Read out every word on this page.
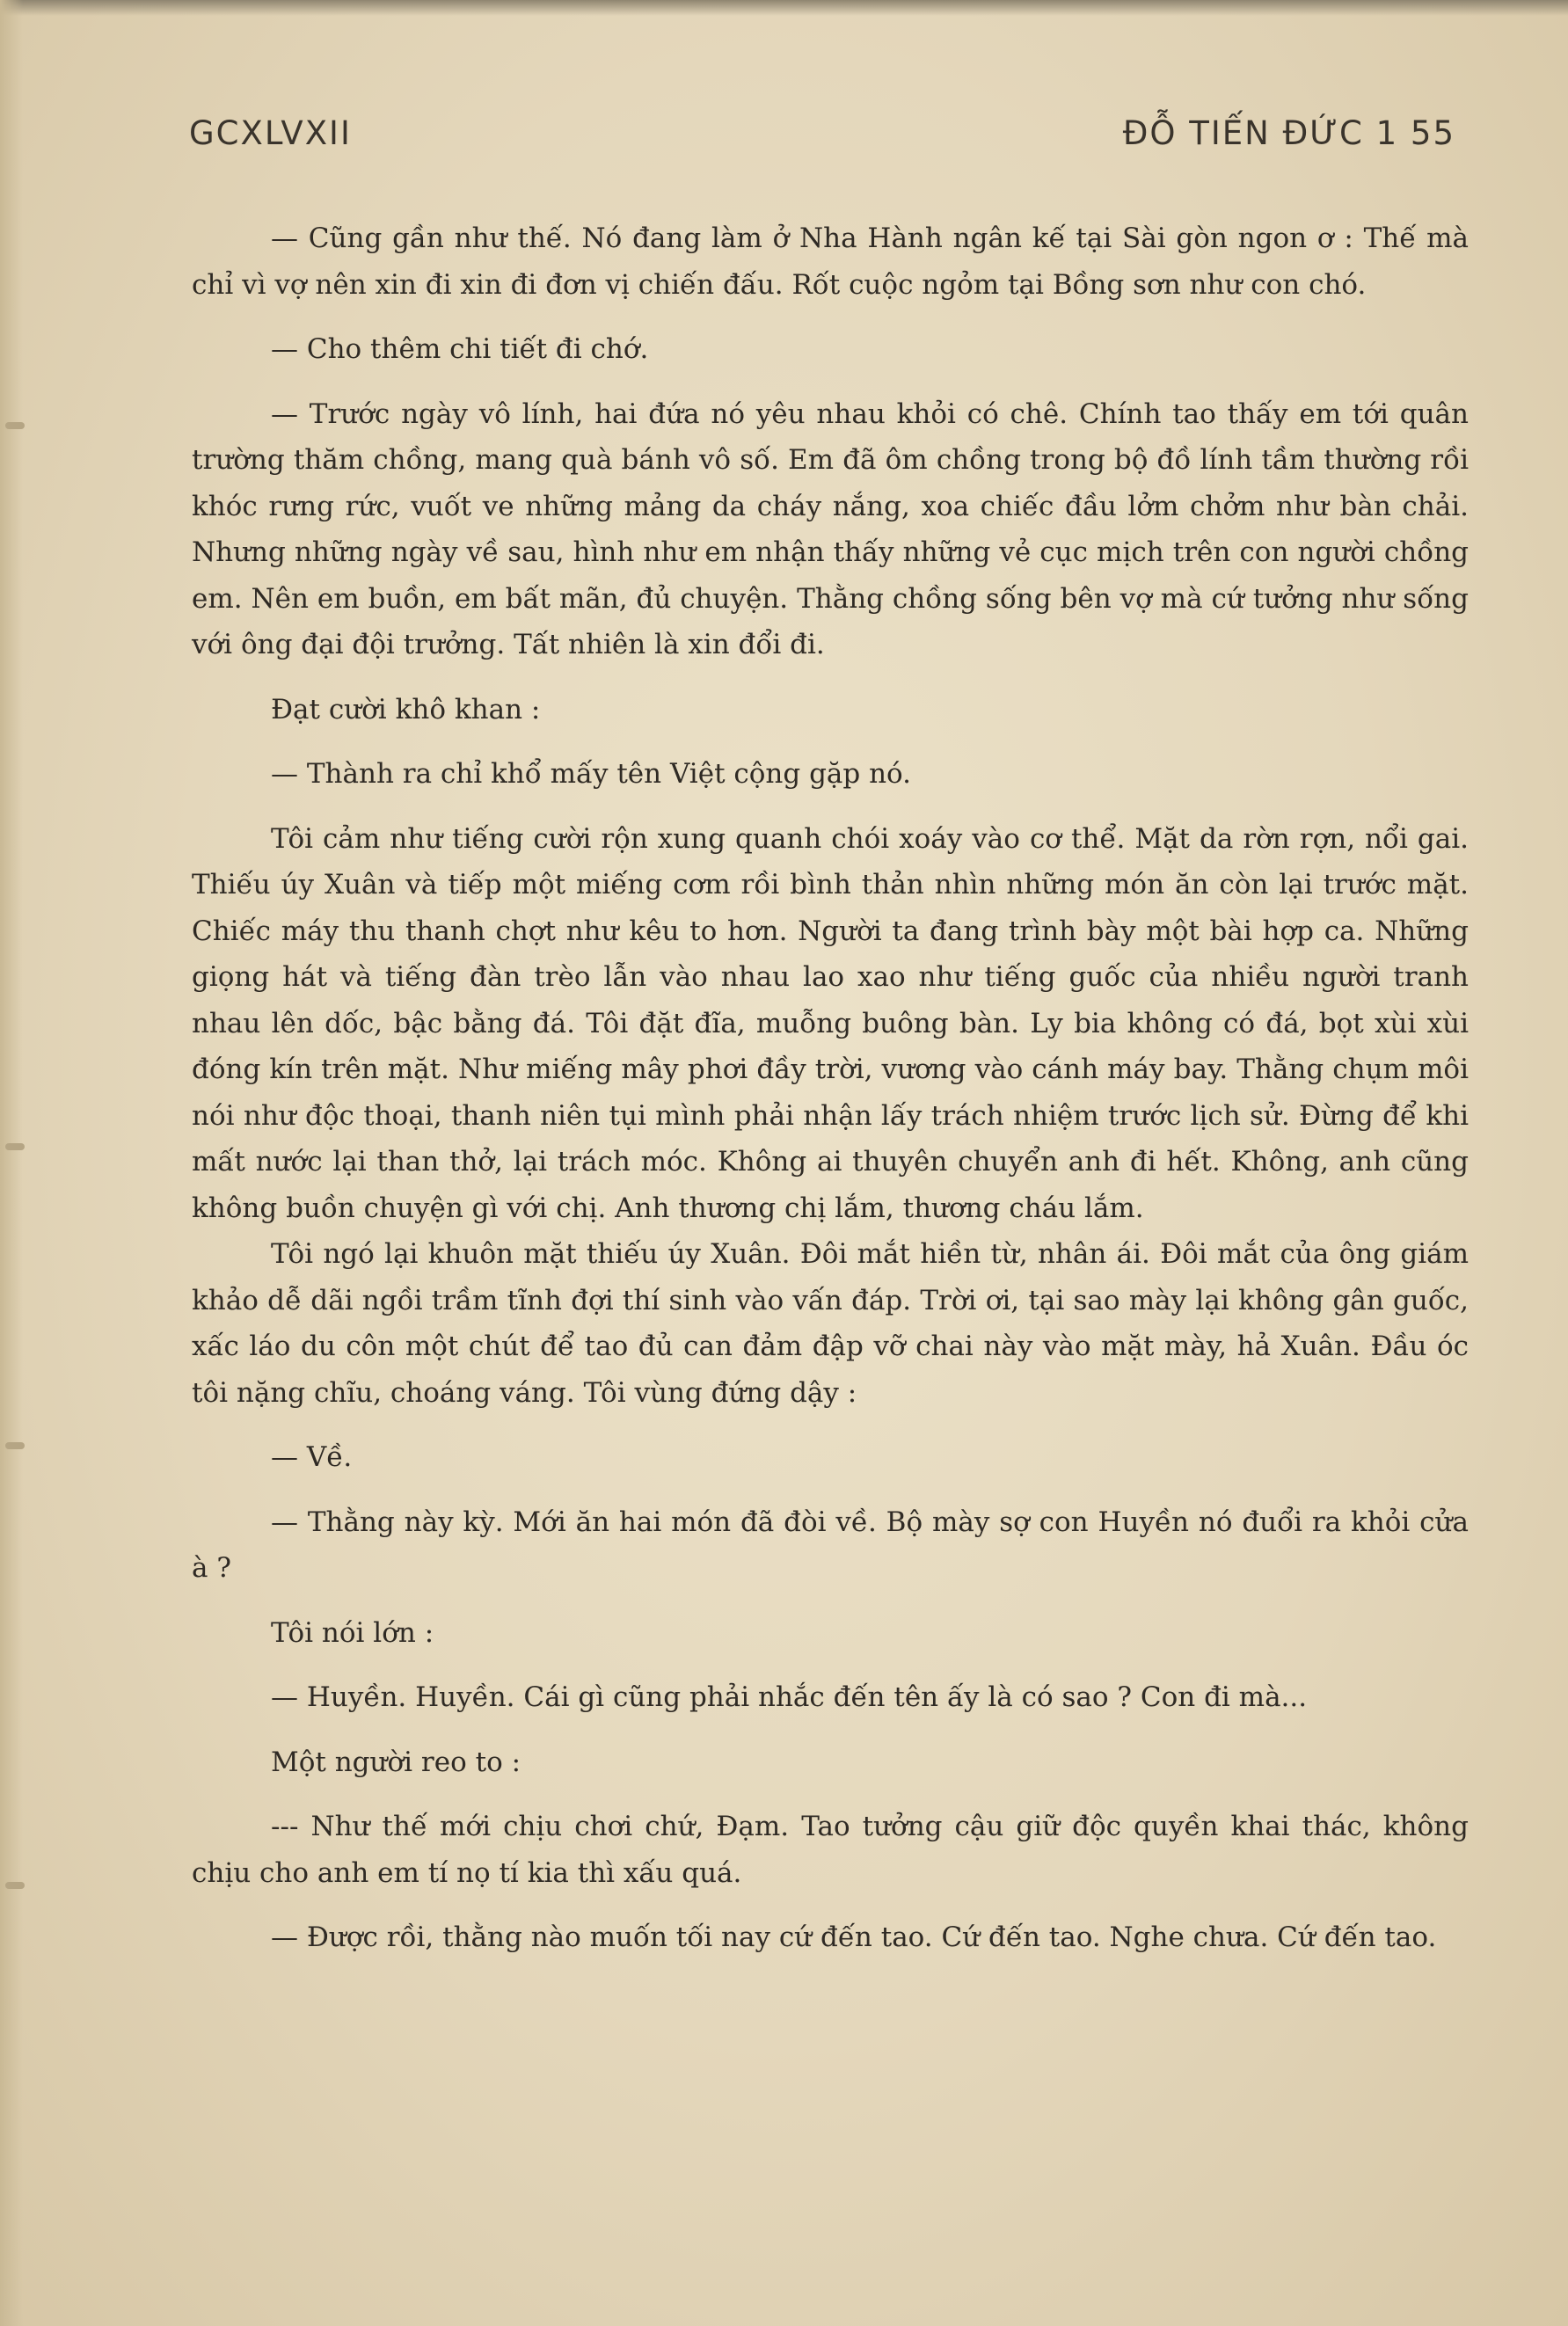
GCXLVXII	ĐỖ TIẾN ĐỨC 1 55

— Cũng gần như thế. Nó đang làm ở Nha Hành ngân kế tại Sài gòn ngon ơ : Thế mà chỉ vì vợ nên xin đi xin đi đơn vị chiến đấu. Rốt cuộc ngỏm tại Bồng sơn như con chó.

— Cho thêm chi tiết đi chớ.

— Trước ngày vô lính, hai đứa nó yêu nhau khỏi có chê. Chính tao thấy em tới quân trường thăm chồng, mang quà bánh vô số. Em đã ôm chồng trong bộ đồ lính tầm thường rồi khóc rưng rức, vuốt ve những mảng da cháy nắng, xoa chiếc đầu lởm chởm như bàn chải. Nhưng những ngày về sau, hình như em nhận thấy những vẻ cục mịch trên con người chồng em. Nên em buồn, em bất mãn, đủ chuyện. Thằng chồng sống bên vợ mà cứ tưởng như sống với ông đại đội trưởng. Tất nhiên là xin đổi đi.

Đạt cười khô khan :

— Thành ra chỉ khổ mấy tên Việt cộng gặp nó.

Tôi cảm như tiếng cười rộn xung quanh chói xoáy vào cơ thể. Mặt da rờn rợn, nổi gai. Thiếu úy Xuân và tiếp một miếng cơm rồi bình thản nhìn những món ăn còn lại trước mặt. Chiếc máy thu thanh chợt như kêu to hơn. Người ta đang trình bày một bài hợp ca. Những giọng hát và tiếng đàn trèo lẫn vào nhau lao xao như tiếng guốc của nhiều người tranh nhau lên dốc, bậc bằng đá. Tôi đặt đĩa, muỗng buông bàn. Ly bia không có đá, bọt xùi xùi đóng kín trên mặt. Như miếng mây phơi đầy trời, vương vào cánh máy bay. Thằng chụm môi nói như độc thoại, thanh niên tụi mình phải nhận lấy trách nhiệm trước lịch sử. Đừng để khi mất nước lại than thở, lại trách móc. Không ai thuyên chuyển anh đi hết. Không, anh cũng không buồn chuyện gì với chị. Anh thương chị lắm, thương cháu lắm.

Tôi ngó lại khuôn mặt thiếu úy Xuân. Đôi mắt hiền từ, nhân ái. Đôi mắt của ông giám khảo dễ dãi ngồi trầm tĩnh đợi thí sinh vào vấn đáp. Trời ơi, tại sao mày lại không gân guốc, xấc láo du côn một chút để tao đủ can đảm đập vỡ chai này vào mặt mày, hả Xuân. Đầu óc tôi nặng chĩu, choáng váng. Tôi vùng đứng dậy :

— Về.

— Thằng này kỳ. Mới ăn hai món đã đòi về. Bộ mày sợ con Huyền nó đuổi ra khỏi cửa à ?

Tôi nói lớn :

— Huyền. Huyền. Cái gì cũng phải nhắc đến tên ấy là có sao ? Con đi mà...

Một người reo to :

--- Như thế mới chịu chơi chứ, Đạm. Tao tưởng cậu giữ độc quyền khai thác, không chịu cho anh em tí nọ tí kia thì xấu quá.

— Được rồi, thằng nào muốn tối nay cứ đến tao. Cứ đến tao. Nghe chưa. Cứ đến tao.
